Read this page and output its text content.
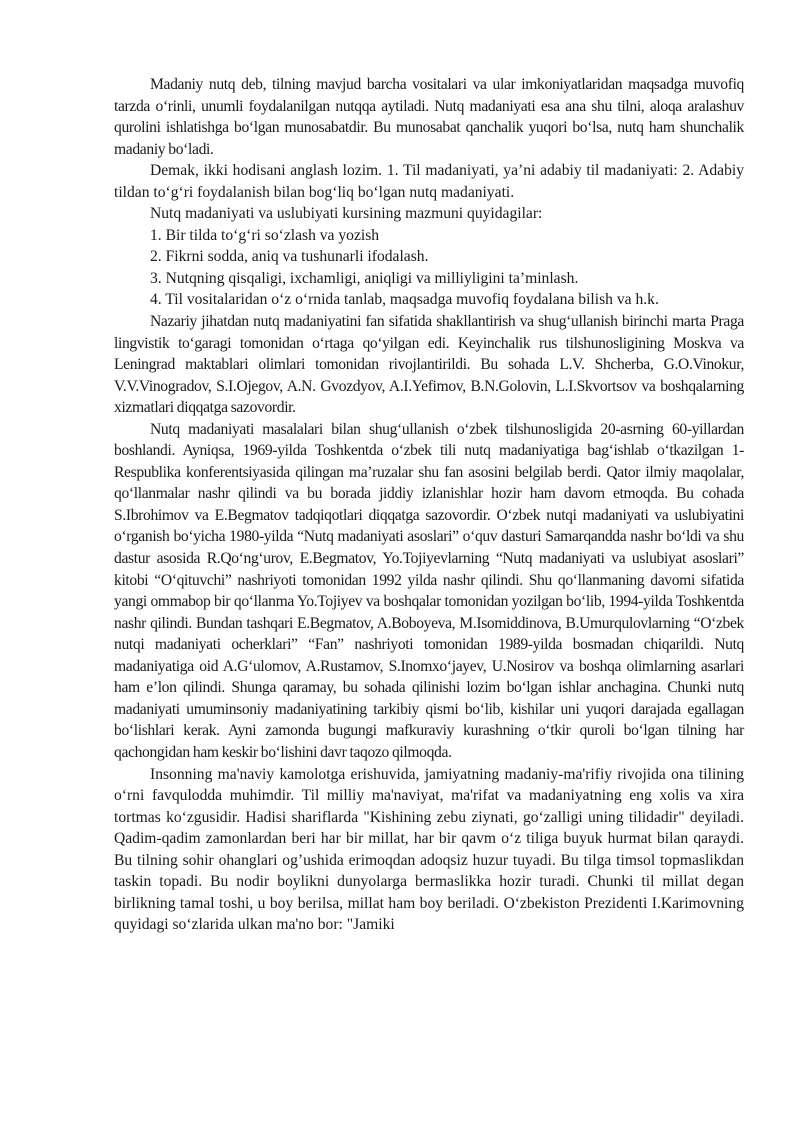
Madaniy nutq deb, tilning mavjud barcha vositalari va ular imkoniyatlaridan maqsadga muvofiq tarzda o‘rinli, unumli foydalanilgan nutqqa aytiladi. Nutq madaniyati esa ana shu tilni, aloqa aralashuv qurolini ishlatishga bo‘lgan munosabatdir. Bu munosabat qanchalik yuqori bo‘lsa, nutq ham shunchalik madaniy bo‘ladi.

Demak, ikki hodisani anglash lozim. 1. Til madaniyati, ya’ni adabiy til madaniyati: 2. Adabiy tildan to‘g‘ri foydalanish bilan bog‘liq bo‘lgan nutq madaniyati.

Nutq madaniyati va uslubiyati kursining mazmuni quyidagilar:

1. Bir tilda to‘g‘ri so‘zlash va yozish

2. Fikrni sodda, aniq va tushunarli ifodalash.

3. Nutqning qisqaligi, ixchamligi, aniqligi va milliyligini ta’minlash.

4. Til vositalaridan o‘z o‘rnida tanlab, maqsadga muvofiq foydalana bilish va h.k.

Nazariy jihatdan nutq madaniyatini fan sifatida shakllantirish va shug‘ullanish birinchi marta Praga lingvistik to‘garagi tomonidan o‘rtaga qo‘yilgan edi. Keyinchalik rus tilshunosligining Moskva va Leningrad maktablari olimlari tomonidan rivojlantirildi. Bu sohada L.V. Shcherba, G.O.Vinokur, V.V.Vinogradov, S.I.Ojegov, A.N. Gvozdyov, A.I.Yefimov, B.N.Golovin, L.I.Skvortsov va boshqalarning xizmatlari diqqatga sazovordir.

Nutq madaniyati masalalari bilan shug‘ullanish o‘zbek tilshunosligida 20-asrning 60-yillardan boshlandi. Ayniqsa, 1969-yilda Toshkentda o‘zbek tili nutq madaniyatiga bag‘ishlab o‘tkazilgan 1-Respublika konferentsiyasida qilingan ma’ruzalar shu fan asosini belgilab berdi. Qator ilmiy maqolalar, qo‘llanmalar nashr qilindi va bu borada jiddiy izlanishlar hozir ham davom etmoqda. Bu cohada S.Ibrohimov va E.Begmatov tadqiqotlari diqqatga sazovordir. O‘zbek nutqi madaniyati va uslubiyatini o‘rganish bo‘yicha 1980-yilda “Nutq madaniyati asoslari” o‘quv dasturi Samarqandda nashr bo‘ldi va shu dastur asosida R.Qo‘ng‘urov, E.Begmatov, Yo.Tojiyevlarning “Nutq madaniyati va uslubiyat asoslari” kitobi “O‘qituvchi” nashriyoti tomonidan 1992 yilda nashr qilindi. Shu qo‘llanmaning davomi sifatida yangi ommabop bir qo‘llanma Yo.Tojiyev va boshqalar tomonidan yozilgan bo‘lib, 1994-yilda Toshkentda nashr qilindi. Bundan tashqari E.Begmatov, A.Boboyeva, M.Isomiddinova, B.Umurqulovlarning “O‘zbek nutqi madaniyati ocherklari” “Fan” nashriyoti tomonidan 1989-yilda bosmadan chiqarildi. Nutq madaniyatiga oid A.G‘ulomov, A.Rustamov, S.Inomxo‘jayev, U.Nosirov va boshqa olimlarning asarlari ham e’lon qilindi. Shunga qaramay, bu sohada qilinishi lozim bo‘lgan ishlar anchagina. Chunki nutq madaniyati umuminsoniy madaniyatining tarkibiy qismi bo‘lib, kishilar uni yuqori darajada egallagan bo‘lishlari kerak. Ayni zamonda bugungi mafkuraviy kurashning o‘tkir quroli bo‘lgan tilning har qachongidan ham keskir bo‘lishini davr taqozo qilmoqda.

Insonning ma'naviy kamolotga erishuvida, jamiyatning madaniy-ma'rifiy rivojida ona tilining o‘rni favqulodda muhimdir. Til milliy ma'naviyat, ma'rifat va madaniyatning eng xolis va xira tortmas ko‘zgusidir. Hadisi shariflarda "Kishining zebu ziynati, go‘zalligi uning tilidadir" deyiladi. Qadim-qadim zamonlardan beri har bir millat, har bir qavm o‘z tiliga buyuk hurmat bilan qaraydi. Bu tilning sohir ohanglari og’ushida erimoqdan adoqsiz huzur tuyadi. Bu tilga timsol topmaslikdan taskin topadi. Bu nodir boylikni dunyolarga bermaslikka hozir turadi. Chunki til millat degan birlikning tamal toshi, u boy berilsa, millat ham boy beriladi. O‘zbekiston Prezidenti I.Karimovning quyidagi so‘zlarida ulkan ma'no bor: "Jamiki
